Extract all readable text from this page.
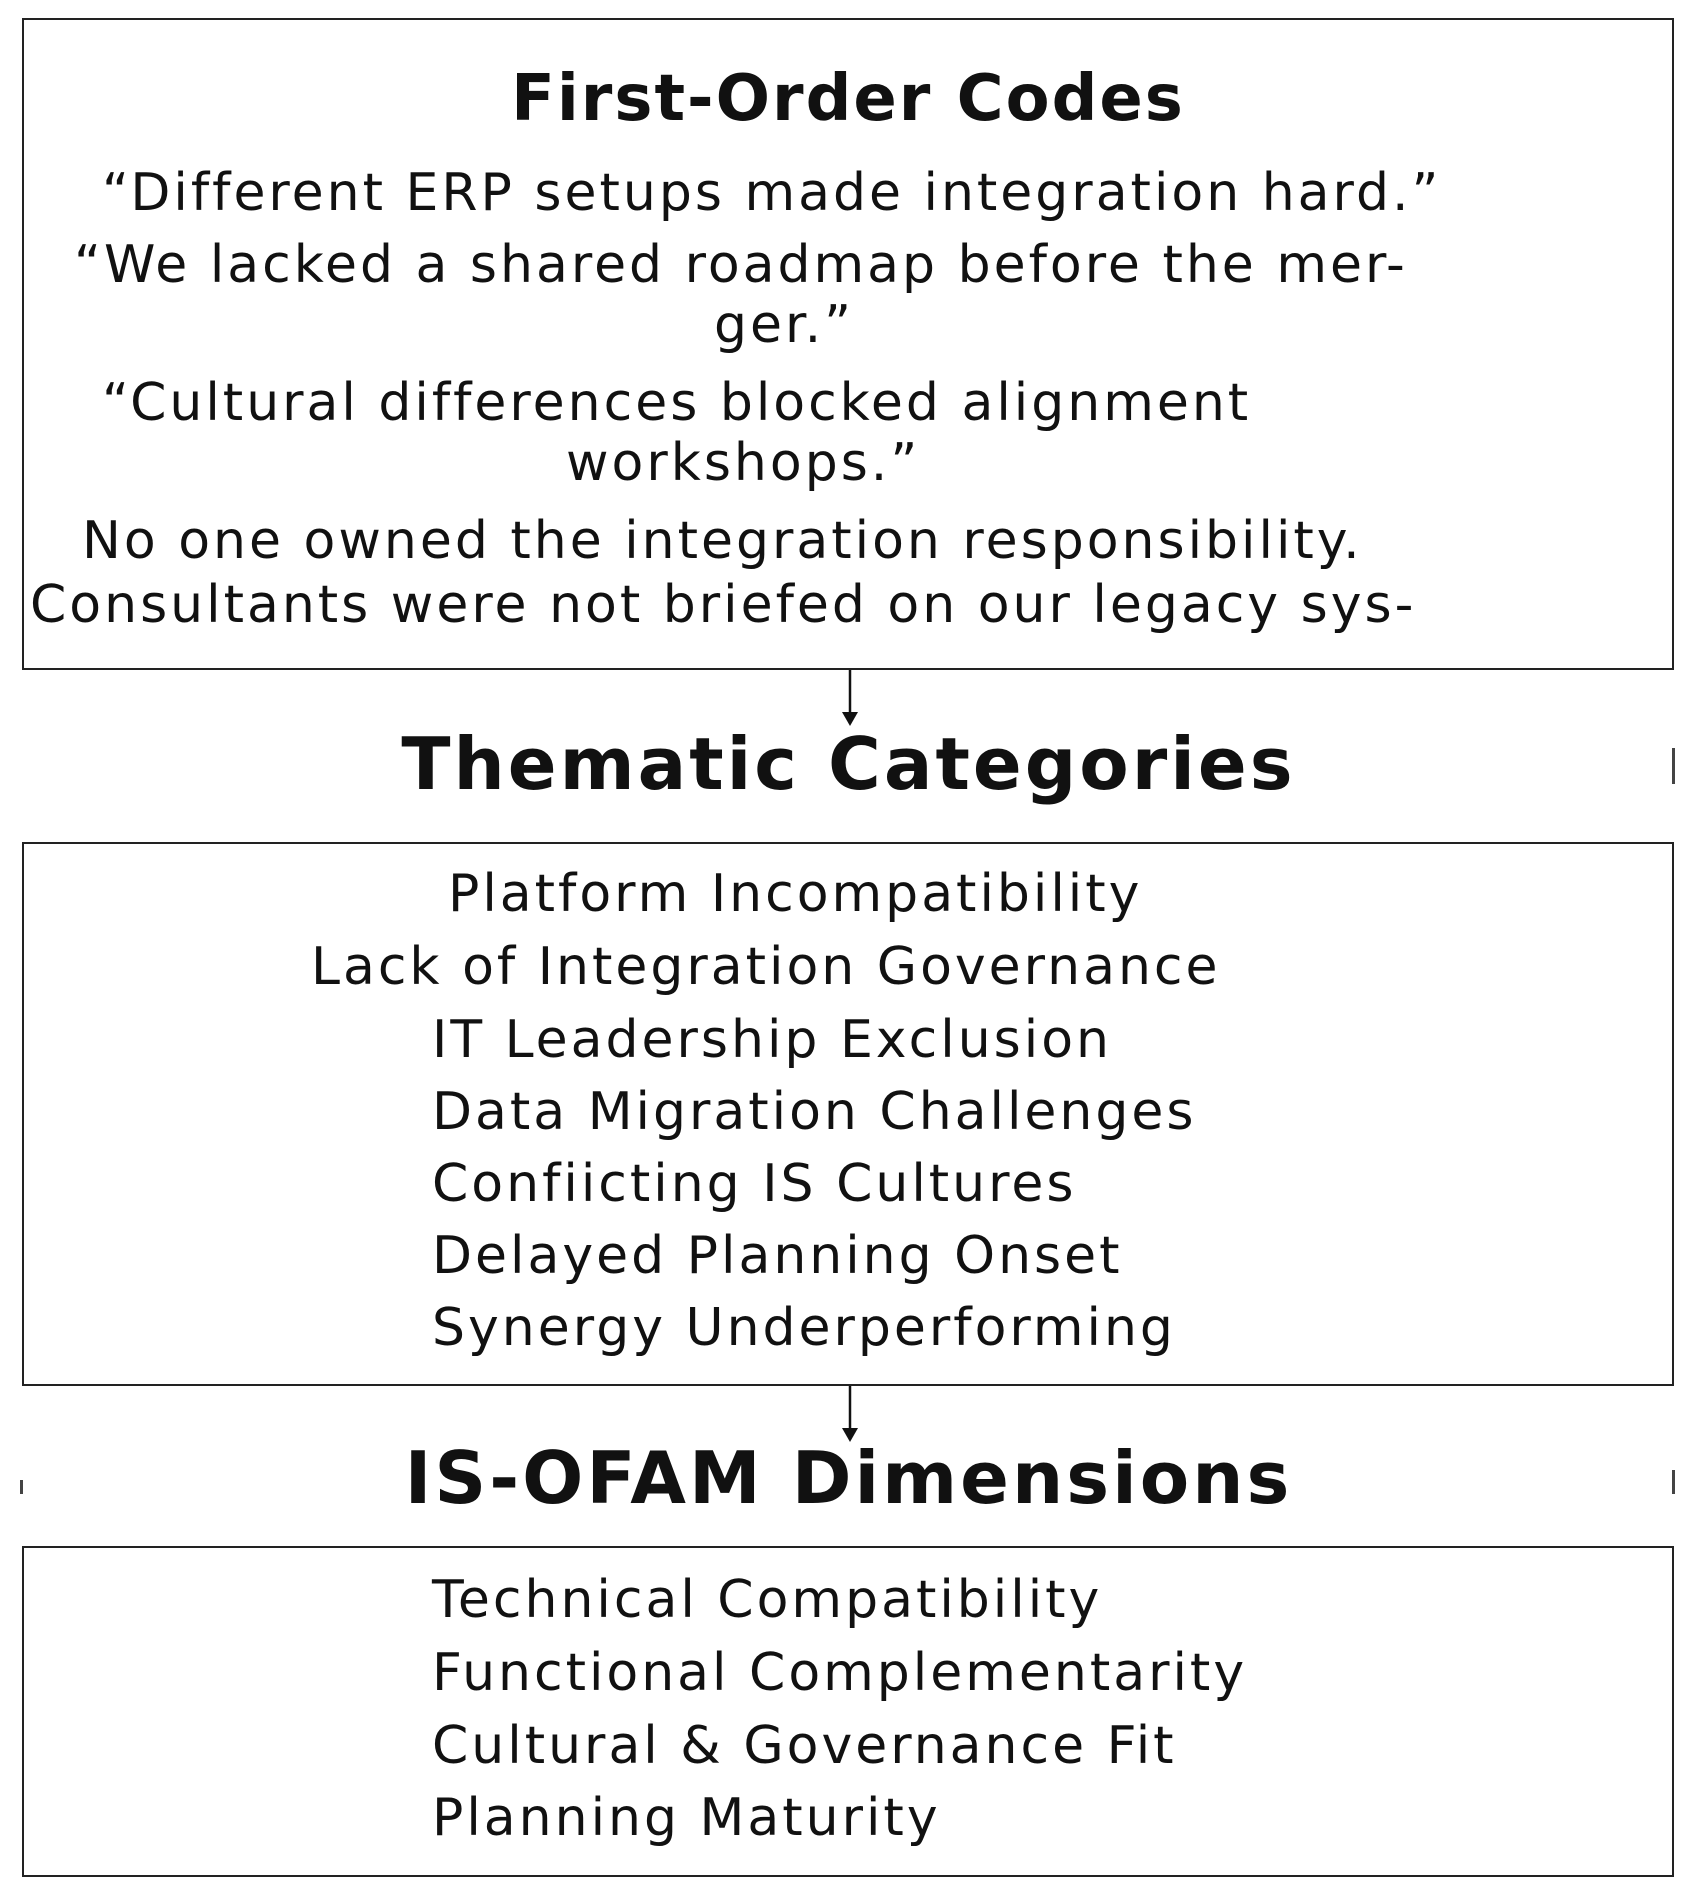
First-Order Codes
“Different ERP setups made integration hard.”
“We lacked a shared roadmap before the mer-
ger.”
“Cultural differences blocked alignment
workshops.”
No one owned the integration responsibility.
Consultants were not briefed on our legacy sys-
Thematic Categories
Platform Incompatibility
Lack of Integration Governance
IT Leadership Exclusion
Data Migration Challenges
Confiicting IS Cultures
Delayed Planning Onset
Synergy Underperforming
IS-OFAM Dimensions
Technical Compatibility
Functional Complementarity
Cultural & Governance Fit
Planning Maturity
